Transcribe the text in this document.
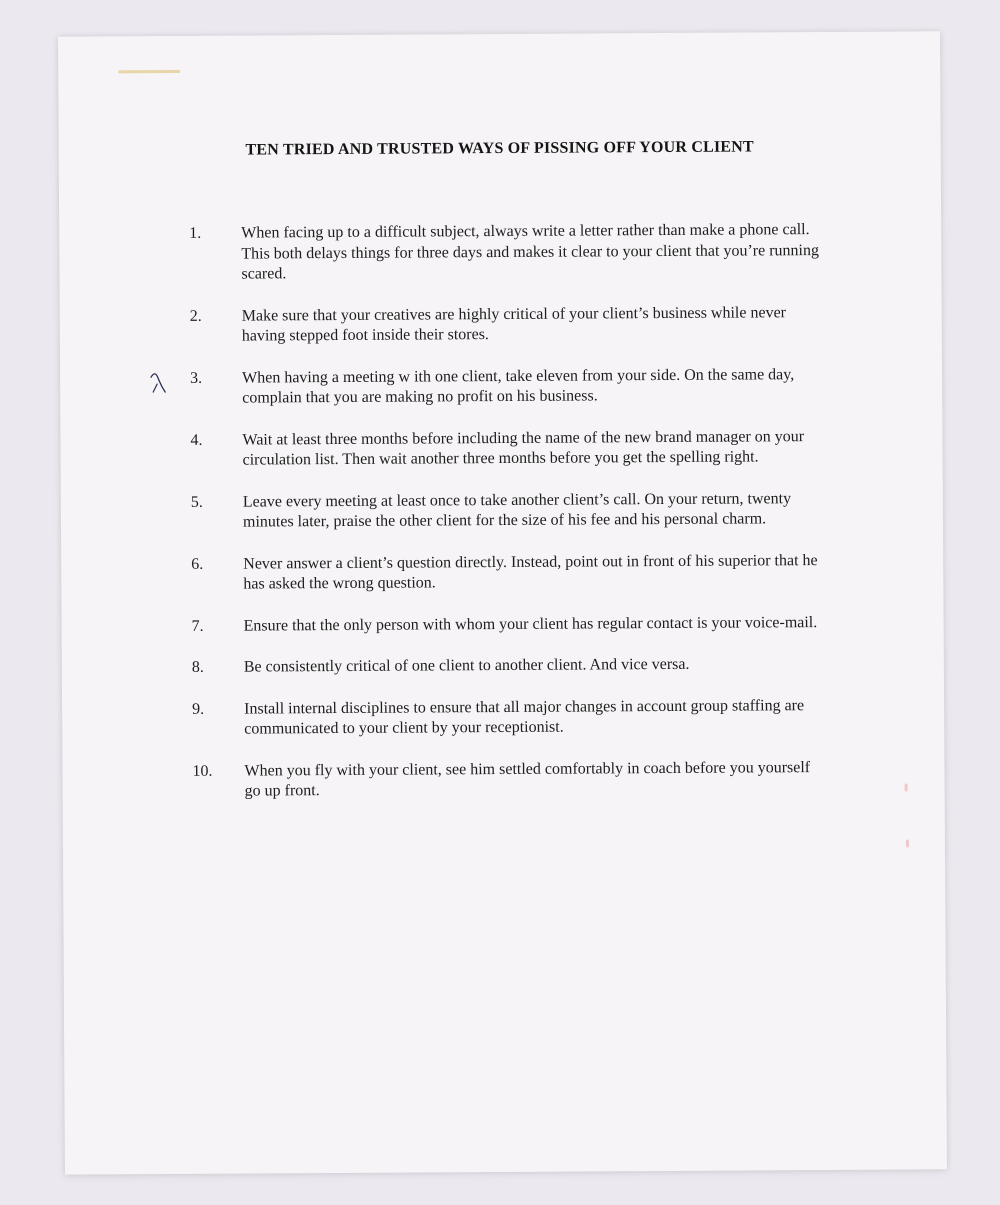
TEN TRIED AND TRUSTED WAYS OF PISSING OFF YOUR CLIENT
1.	When facing up to a difficult subject, always write a letter rather than make a phone call. This both delays things for three days and makes it clear to your client that you’re running scared.
2.	Make sure that your creatives are highly critical of your client’s business while never having stepped foot inside their stores.
3.	When having a meeting w ith one client, take eleven from your side. On the same day, complain that you are making no profit on his business.
4.	Wait at least three months before including the name of the new brand manager on your circulation list. Then wait another three months before you get the spelling right.
5.	Leave every meeting at least once to take another client’s call. On your return, twenty minutes later, praise the other client for the size of his fee and his personal charm.
6.	Never answer a client’s question directly. Instead, point out in front of his superior that he has asked the wrong question.
7.	Ensure that the only person with whom your client has regular contact is your voice-mail.
8.	Be consistently critical of one client to another client. And vice versa.
9.	Install internal disciplines to ensure that all major changes in account group staffing are communicated to your client by your receptionist.
10.	When you fly with your client, see him settled comfortably in coach before you yourself go up front.
